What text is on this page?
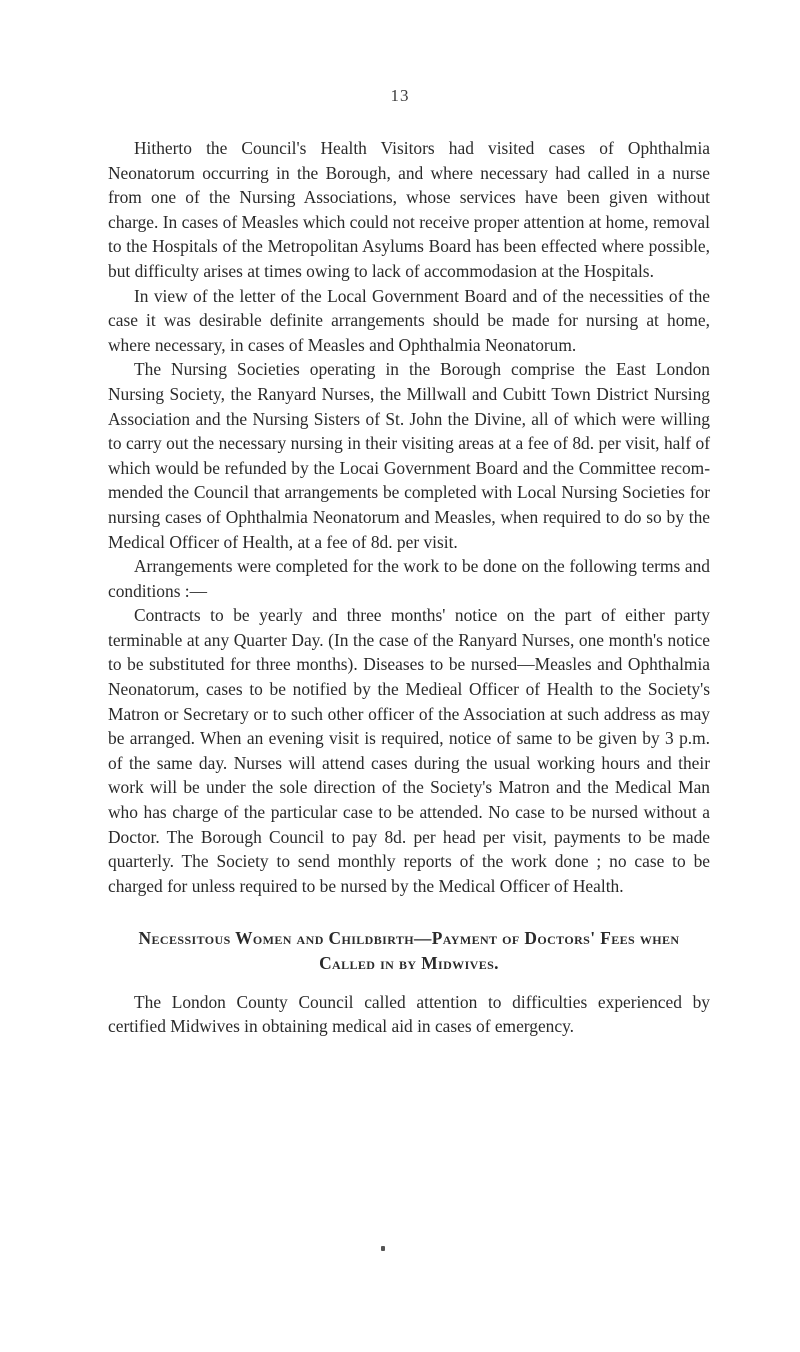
13

Hitherto the Council's Health Visitors had visited cases of Ophthalmia Neonatorum occurring in the Borough, and where necessary had called in a nurse from one of the Nursing Associations, whose services have been given without charge. In cases of Measles which could not receive proper attention at home, removal to the Hospitals of the Metropolitan Asylums Board has been effected where possible, but difficulty arises at times owing to lack of accommodasion at the Hospitals.

In view of the letter of the Local Government Board and of the necessities of the case it was desirable definite arrangements should be made for nursing at home, where necessary, in cases of Measles and Ophthalmia Neonatorum.

The Nursing Societies operating in the Borough comprise the East London Nursing Society, the Ranyard Nurses, the Millwall and Cubitt Town District Nursing Association and the Nursing Sisters of St. John the Divine, all of which were willing to carry out the necessary nursing in their visiting areas at a fee of 8d. per visit, half of which would be refunded by the Locai Government Board and the Committee recommended the Council that arrangements be completed with Local Nursing Societies for nursing cases of Ophthalmia Neonatorum and Measles, when required to do so by the Medical Officer of Health, at a fee of 8d. per visit.

Arrangements were completed for the work to be done on the following terms and conditions :—

Contracts to be yearly and three months' notice on the part of either party terminable at any Quarter Day. (In the case of the Ranyard Nurses, one month's notice to be substituted for three months). Diseases to be nursed—Measles and Ophthalmia Neonatorum, cases to be notified by the Medieal Officer of Health to the Society's Matron or Secretary or to such other officer of the Association at such address as may be arranged. When an evening visit is required, notice of same to be given by 3 p.m. of the same day. Nurses will attend cases during the usual working hours and their work will be under the sole direction of the Society's Matron and the Medical Man who has charge of the particular case to be attended. No case to be nursed without a Doctor. The Borough Council to pay 8d. per head per visit, payments to be made quarterly. The Society to send monthly reports of the work done ; no case to be charged for unless required to be nursed by the Medical Officer of Health.

Necessitous Women and Childbirth—Payment of Doctors' Fees when Called in by Midwives.

The London County Council called attention to difficulties experienced by certified Midwives in obtaining medical aid in cases of emergency.
